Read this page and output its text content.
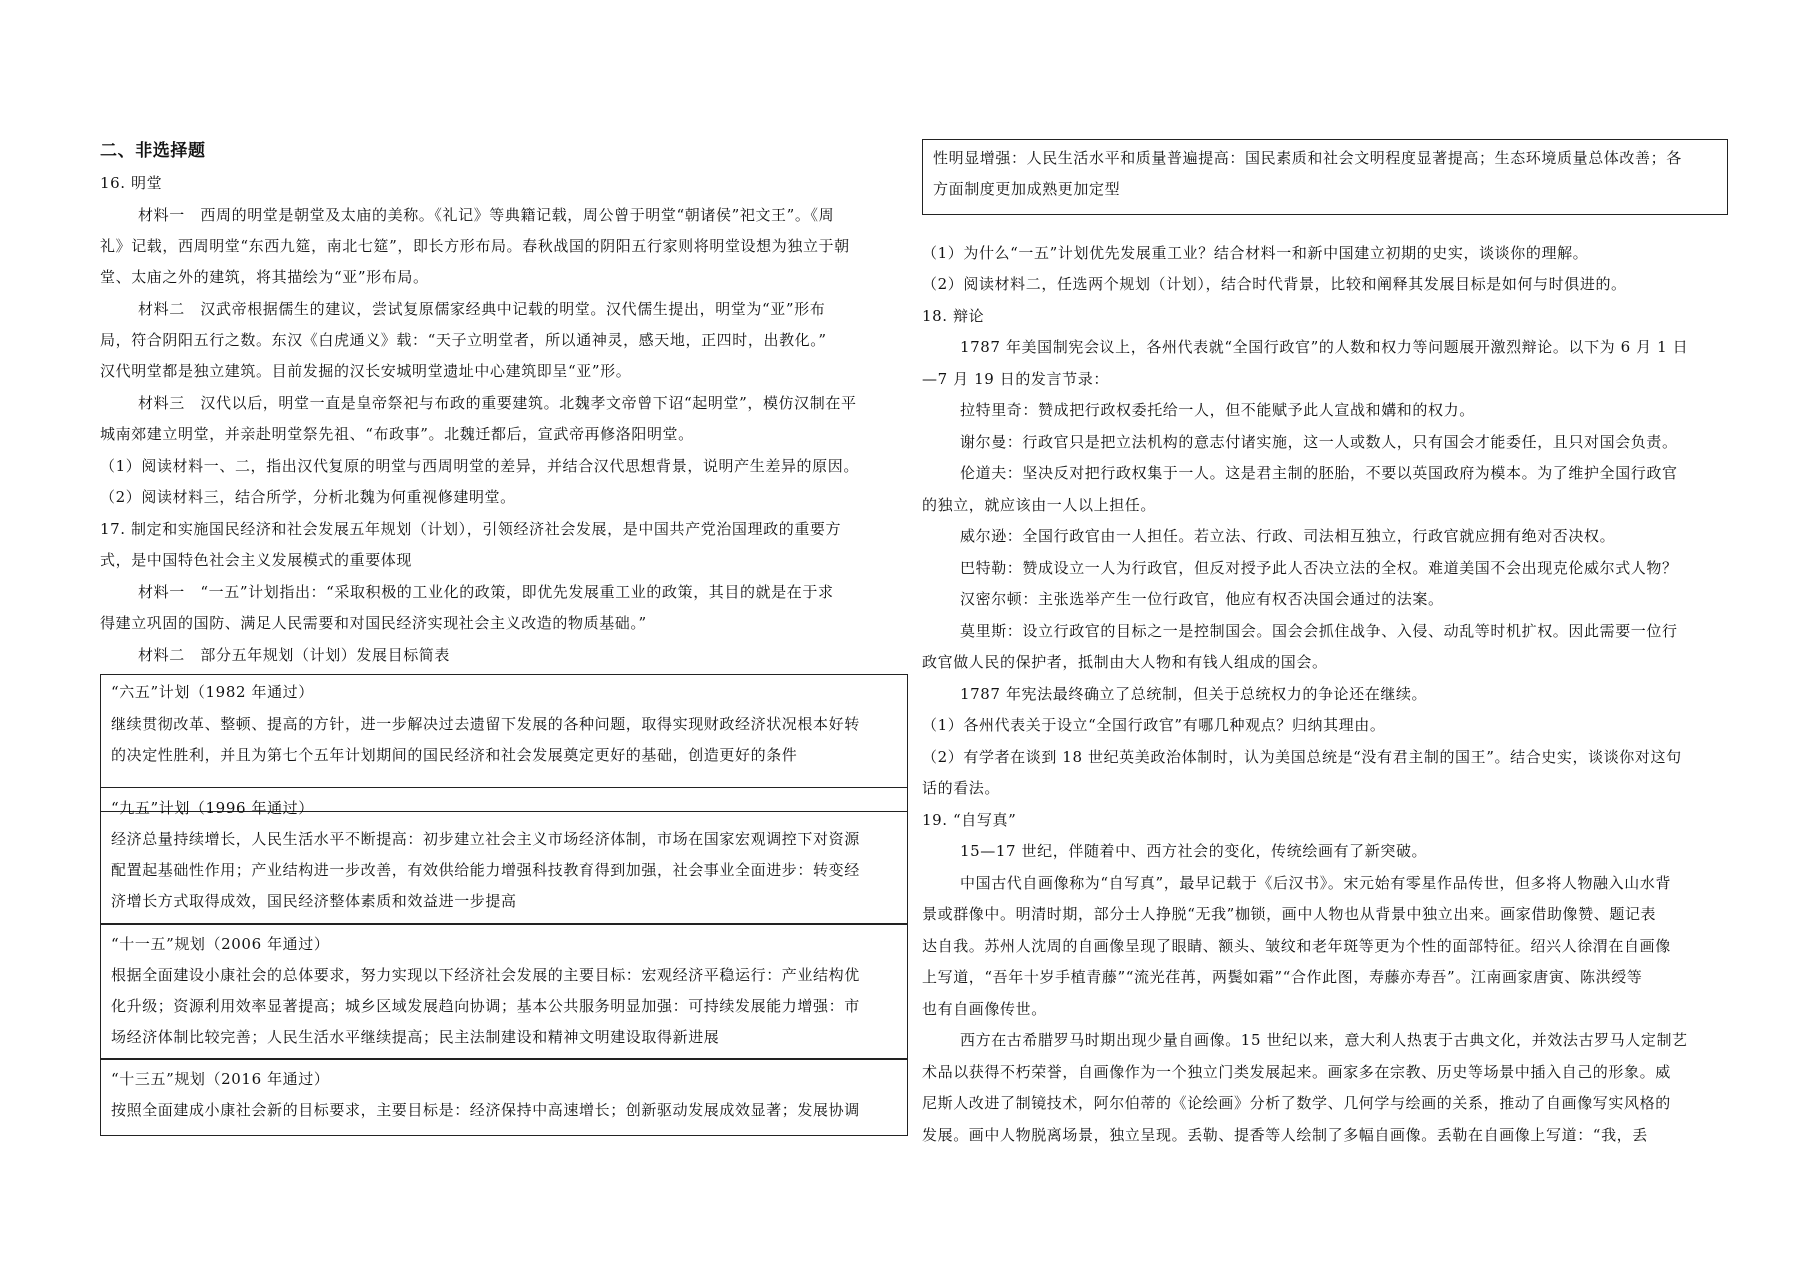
二、非选择题
16. 明堂
材料一　西周的明堂是朝堂及太庙的美称。《礼记》等典籍记载，周公曾于明堂“朝诸侯”祀文王”。《周
礼》记载，西周明堂“东西九筵，南北七筵”，即长方形布局。春秋战国的阴阳五行家则将明堂设想为独立于朝
堂、太庙之外的建筑，将其描绘为“亚”形布局。
材料二　汉武帝根据儒生的建议，尝试复原儒家经典中记载的明堂。汉代儒生提出，明堂为“亚”形布
局，符合阴阳五行之数。东汉《白虎通义》载：“天子立明堂者，所以通神灵，感天地，正四时，出教化。”
汉代明堂都是独立建筑。目前发掘的汉长安城明堂遗址中心建筑即呈“亚”形。
材料三　汉代以后，明堂一直是皇帝祭祀与布政的重要建筑。北魏孝文帝曾下诏“起明堂”，模仿汉制在平
城南郊建立明堂，并亲赴明堂祭先祖、“布政事”。北魏迁都后，宣武帝再修洛阳明堂。
（1）阅读材料一、二，指出汉代复原的明堂与西周明堂的差异，并结合汉代思想背景，说明产生差异的原因。
（2）阅读材料三，结合所学，分析北魏为何重视修建明堂。
17. 制定和实施国民经济和社会发展五年规划（计划），引领经济社会发展，是中国共产党治国理政的重要方
式，是中国特色社会主义发展模式的重要体现
材料一　“一五”计划指出：“采取积极的工业化的政策，即优先发展重工业的政策，其目的就是在于求
得建立巩固的国防、满足人民需要和对国民经济实现社会主义改造的物质基础。”
材料二　部分五年规划（计划）发展目标简表
“六五”计划（1982 年通过）
继续贯彻改革、整顿、提高的方针，进一步解决过去遗留下发展的各种问题，取得实现财政经济状况根本好转
的决定性胜利，并且为第七个五年计划期间的国民经济和社会发展奠定更好的基础，创造更好的条件
“九五”计划（1996 年通过）
经济总量持续增长，人民生活水平不断提高：初步建立社会主义市场经济体制，市场在国家宏观调控下对资源
配置起基础性作用；产业结构进一步改善，有效供给能力增强科技教育得到加强，社会事业全面进步：转变经
济增长方式取得成效，国民经济整体素质和效益进一步提高
“十一五”规划（2006 年通过）
根据全面建设小康社会的总体要求，努力实现以下经济社会发展的主要目标：宏观经济平稳运行：产业结构优
化升级；资源利用效率显著提高；城乡区域发展趋向协调；基本公共服务明显加强：可持续发展能力增强：市
场经济体制比较完善；人民生活水平继续提高；民主法制建设和精神文明建设取得新进展
“十三五”规划（2016 年通过）
按照全面建成小康社会新的目标要求，主要目标是：经济保持中高速增长；创新驱动发展成效显著；发展协调
性明显增强：人民生活水平和质量普遍提高：国民素质和社会文明程度显著提高；生态环境质量总体改善；各
方面制度更加成熟更加定型
（1）为什么“一五”计划优先发展重工业？结合材料一和新中国建立初期的史实，谈谈你的理解。
（2）阅读材料二，任选两个规划（计划），结合时代背景，比较和阐释其发展目标是如何与时俱进的。
18. 辩论
1787 年美国制宪会议上，各州代表就“全国行政官”的人数和权力等问题展开激烈辩论。以下为 6 月 1 日
—7 月 19 日的发言节录：
拉特里奇：赞成把行政权委托给一人，但不能赋予此人宣战和媾和的权力。
谢尔曼：行政官只是把立法机构的意志付诸实施，这一人或数人，只有国会才能委任，且只对国会负责。
伦道夫：坚决反对把行政权集于一人。这是君主制的胚胎，不要以英国政府为模本。为了维护全国行政官
的独立，就应该由一人以上担任。
威尔逊：全国行政官由一人担任。若立法、行政、司法相互独立，行政官就应拥有绝对否决权。
巴特勒：赞成设立一人为行政官，但反对授予此人否决立法的全权。难道美国不会出现克伦威尔式人物？
汉密尔顿：主张选举产生一位行政官，他应有权否决国会通过的法案。
莫里斯：设立行政官的目标之一是控制国会。国会会抓住战争、入侵、动乱等时机扩权。因此需要一位行
政官做人民的保护者，抵制由大人物和有钱人组成的国会。
1787 年宪法最终确立了总统制，但关于总统权力的争论还在继续。
（1）各州代表关于设立“全国行政官”有哪几种观点？归纳其理由。
（2）有学者在谈到 18 世纪英美政治体制时，认为美国总统是“没有君主制的国王”。结合史实，谈谈你对这句
话的看法。
19. “自写真”
15—17 世纪，伴随着中、西方社会的变化，传统绘画有了新突破。
中国古代自画像称为“自写真”，最早记载于《后汉书》。宋元始有零星作品传世，但多将人物融入山水背
景或群像中。明清时期，部分士人挣脱“无我”枷锁，画中人物也从背景中独立出来。画家借助像赞、题记表
达自我。苏州人沈周的自画像呈现了眼睛、额头、皱纹和老年斑等更为个性的面部特征。绍兴人徐渭在自画像
上写道，“吾年十岁手植青藤”“流光荏苒，两鬓如霜”“合作此图，寿藤亦寿吾”。江南画家唐寅、陈洪绶等
也有自画像传世。
西方在古希腊罗马时期出现少量自画像。15 世纪以来，意大利人热衷于古典文化，并效法古罗马人定制艺
术品以获得不朽荣誉，自画像作为一个独立门类发展起来。画家多在宗教、历史等场景中插入自己的形象。威
尼斯人改进了制镜技术，阿尔伯蒂的《论绘画》分析了数学、几何学与绘画的关系，推动了自画像写实风格的
发展。画中人物脱离场景，独立呈现。丢勒、提香等人绘制了多幅自画像。丢勒在自画像上写道：“我，丢
